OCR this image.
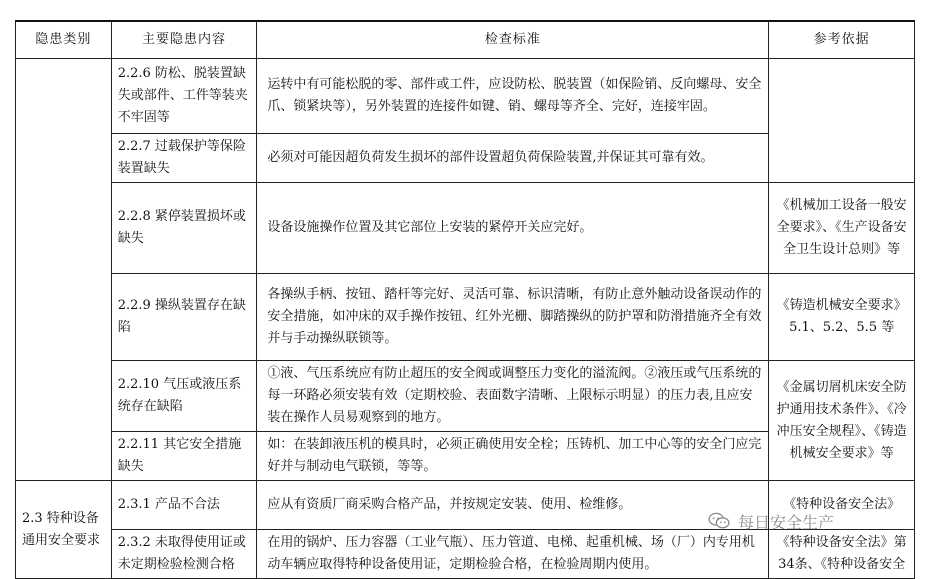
隐患类别	主要隐患内容	检查标准	参考依据
	2.2.6 防松、脱装置缺失或部件、工件等装夹不牢固等	运转中有可能松脱的零、部件或工件，应设防松、脱装置（如保险销、反向螺母、安全爪、锁紧块等），另外装置的连接件如键、销、螺母等齐全、完好，连接牢固。	
	2.2.7 过载保护等保险装置缺失	必须对可能因超负荷发生损坏的部件设置超负荷保险装置,并保证其可靠有效。	
	2.2.8 紧停装置损坏或缺失	设备设施操作位置及其它部位上安装的紧停开关应完好。	《机械加工设备一般安全要求》、《生产设备安全卫生设计总则》等
	2.2.9 操纵装置存在缺陷	各操纵手柄、按钮、踏杆等完好、灵活可靠、标识清晰，有防止意外触动设备误动作的安全措施，如冲床的双手操作按钮、红外光栅、脚踏操纵的防护罩和防滑措施齐全有效并与手动操纵联锁等。	《铸造机械安全要求》5.1、5.2、5.5 等
	2.2.10 气压或液压系统存在缺陷	①液、气压系统应有防止超压的安全阀或调整压力变化的溢流阀。②液压或气压系统的每一环路必须安装有效（定期校验、表面数字清晰、上限标示明显）的压力表,且应安装在操作人员易观察到的地方。	《金属切屑机床安全防护通用技术条件》、《冷冲压安全规程》、《铸造机械安全要求》等
	2.2.11 其它安全措施缺失	如：在装卸液压机的模具时，必须正确使用安全栓；压铸机、加工中心等的安全门应完好并与制动电气联锁，等等。	
2.3 特种设备通用安全要求	2.3.1 产品不合法	应从有资质厂商采购合格产品，并按规定安装、使用、检维修。	《特种设备安全法》
	2.3.2 未取得使用证或未定期检验检测合格	在用的锅炉、压力容器（工业气瓶）、压力管道、电梯、起重机械、场（厂）内专用机动车辆应取得特种设备使用证，定期检验合格，在检验周期内使用。	《特种设备安全法》第34条、《特种设备安全
每日安全生产
